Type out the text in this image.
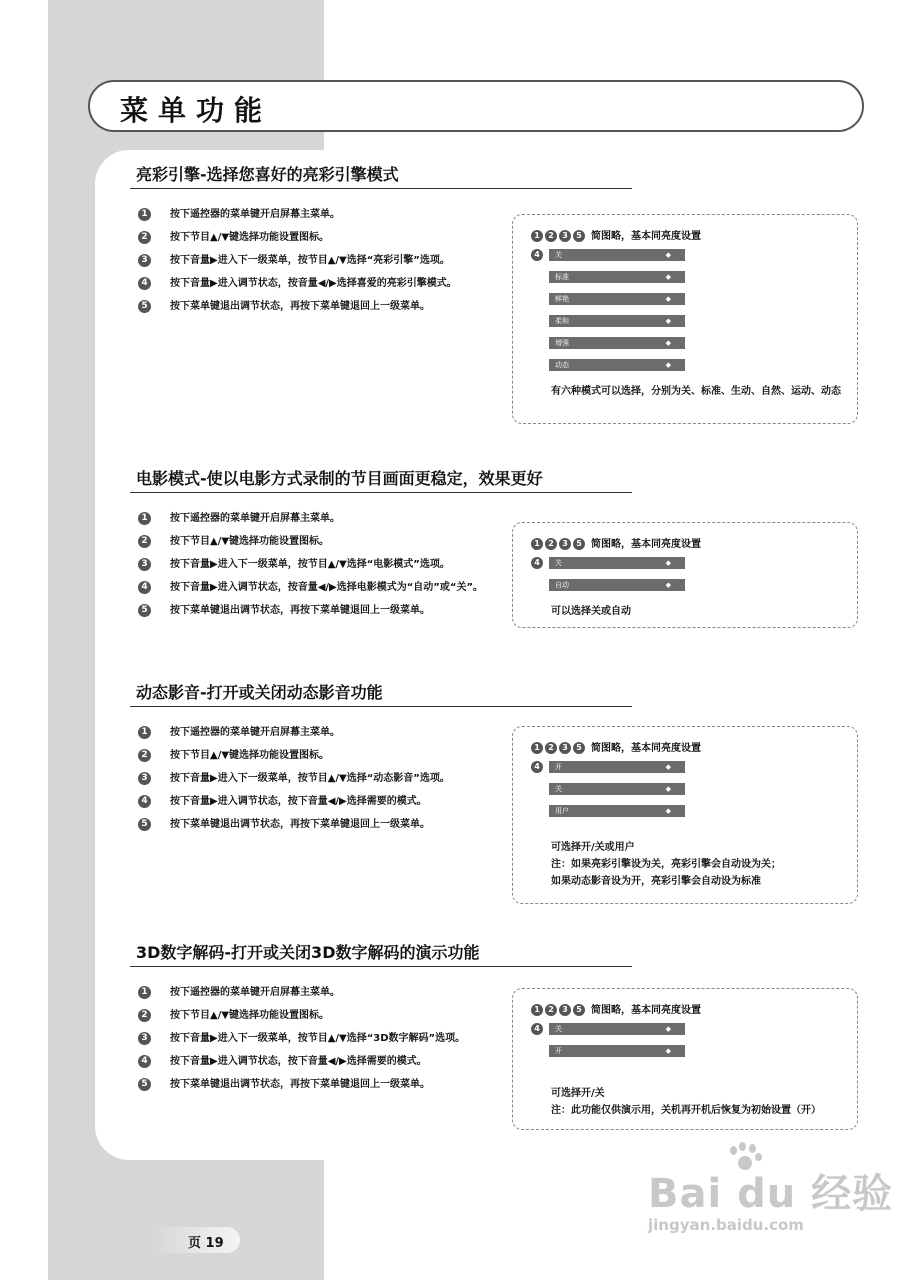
菜单功能
亮彩引擎-选择您喜好的亮彩引擎模式
1	按下遥控器的菜单键开启屏幕主菜单。
2	按下节目▲/▼键选择功能设置图标。
3	按下音量▶进入下一级菜单，按节目▲/▼选择“亮彩引擎”选项。
4	按下音量▶进入调节状态，按音量◀/▶选择喜爱的亮彩引擎模式。
5	按下菜单键退出调节状态，再按下菜单键退回上一级菜单。
1 2 3 5 简图略，基本同亮度设置
4	关	◆
标准	◆
鲜艳	◆
柔和	◆
增强	◆
动态	◆
有六种模式可以选择，分别为关、标准、生动、自然、运动、动态
电影模式-使以电影方式录制的节目画面更稳定，效果更好
1	按下遥控器的菜单键开启屏幕主菜单。
2	按下节目▲/▼键选择功能设置图标。
3	按下音量▶进入下一级菜单，按节目▲/▼选择“电影模式”选项。
4	按下音量▶进入调节状态，按音量◀/▶选择电影模式为“自动”或“关”。
5	按下菜单键退出调节状态，再按下菜单键退回上一级菜单。
1 2 3 5 简图略，基本同亮度设置
4	关	◆
自动	◆
可以选择关或自动
动态影音-打开或关闭动态影音功能
1	按下遥控器的菜单键开启屏幕主菜单。
2	按下节目▲/▼键选择功能设置图标。
3	按下音量▶进入下一级菜单，按节目▲/▼选择“动态影音”选项。
4	按下音量▶进入调节状态，按下音量◀/▶选择需要的模式。
5	按下菜单键退出调节状态，再按下菜单键退回上一级菜单。
1 2 3 5 简图略，基本同亮度设置
4	开	◆
关	◆
用户	◆
可选择开/关或用户
注：如果亮彩引擎设为关，亮彩引擎会自动设为关；
如果动态影音设为开，亮彩引擎会自动设为标准
3D数字解码-打开或关闭3D数字解码的演示功能
1	按下遥控器的菜单键开启屏幕主菜单。
2	按下节目▲/▼键选择功能设置图标。
3	按下音量▶进入下一级菜单，按节目▲/▼选择“3D数字解码”选项。
4	按下音量▶进入调节状态，按下音量◀/▶选择需要的模式。
5	按下菜单键退出调节状态，再按下菜单键退回上一级菜单。
1 2 3 5 简图略，基本同亮度设置
4	关	◆
开	◆
可选择开/关
注：此功能仅供演示用，关机再开机后恢复为初始设置（开）
页 19
Bai du 经验
jingyan.baidu.com
